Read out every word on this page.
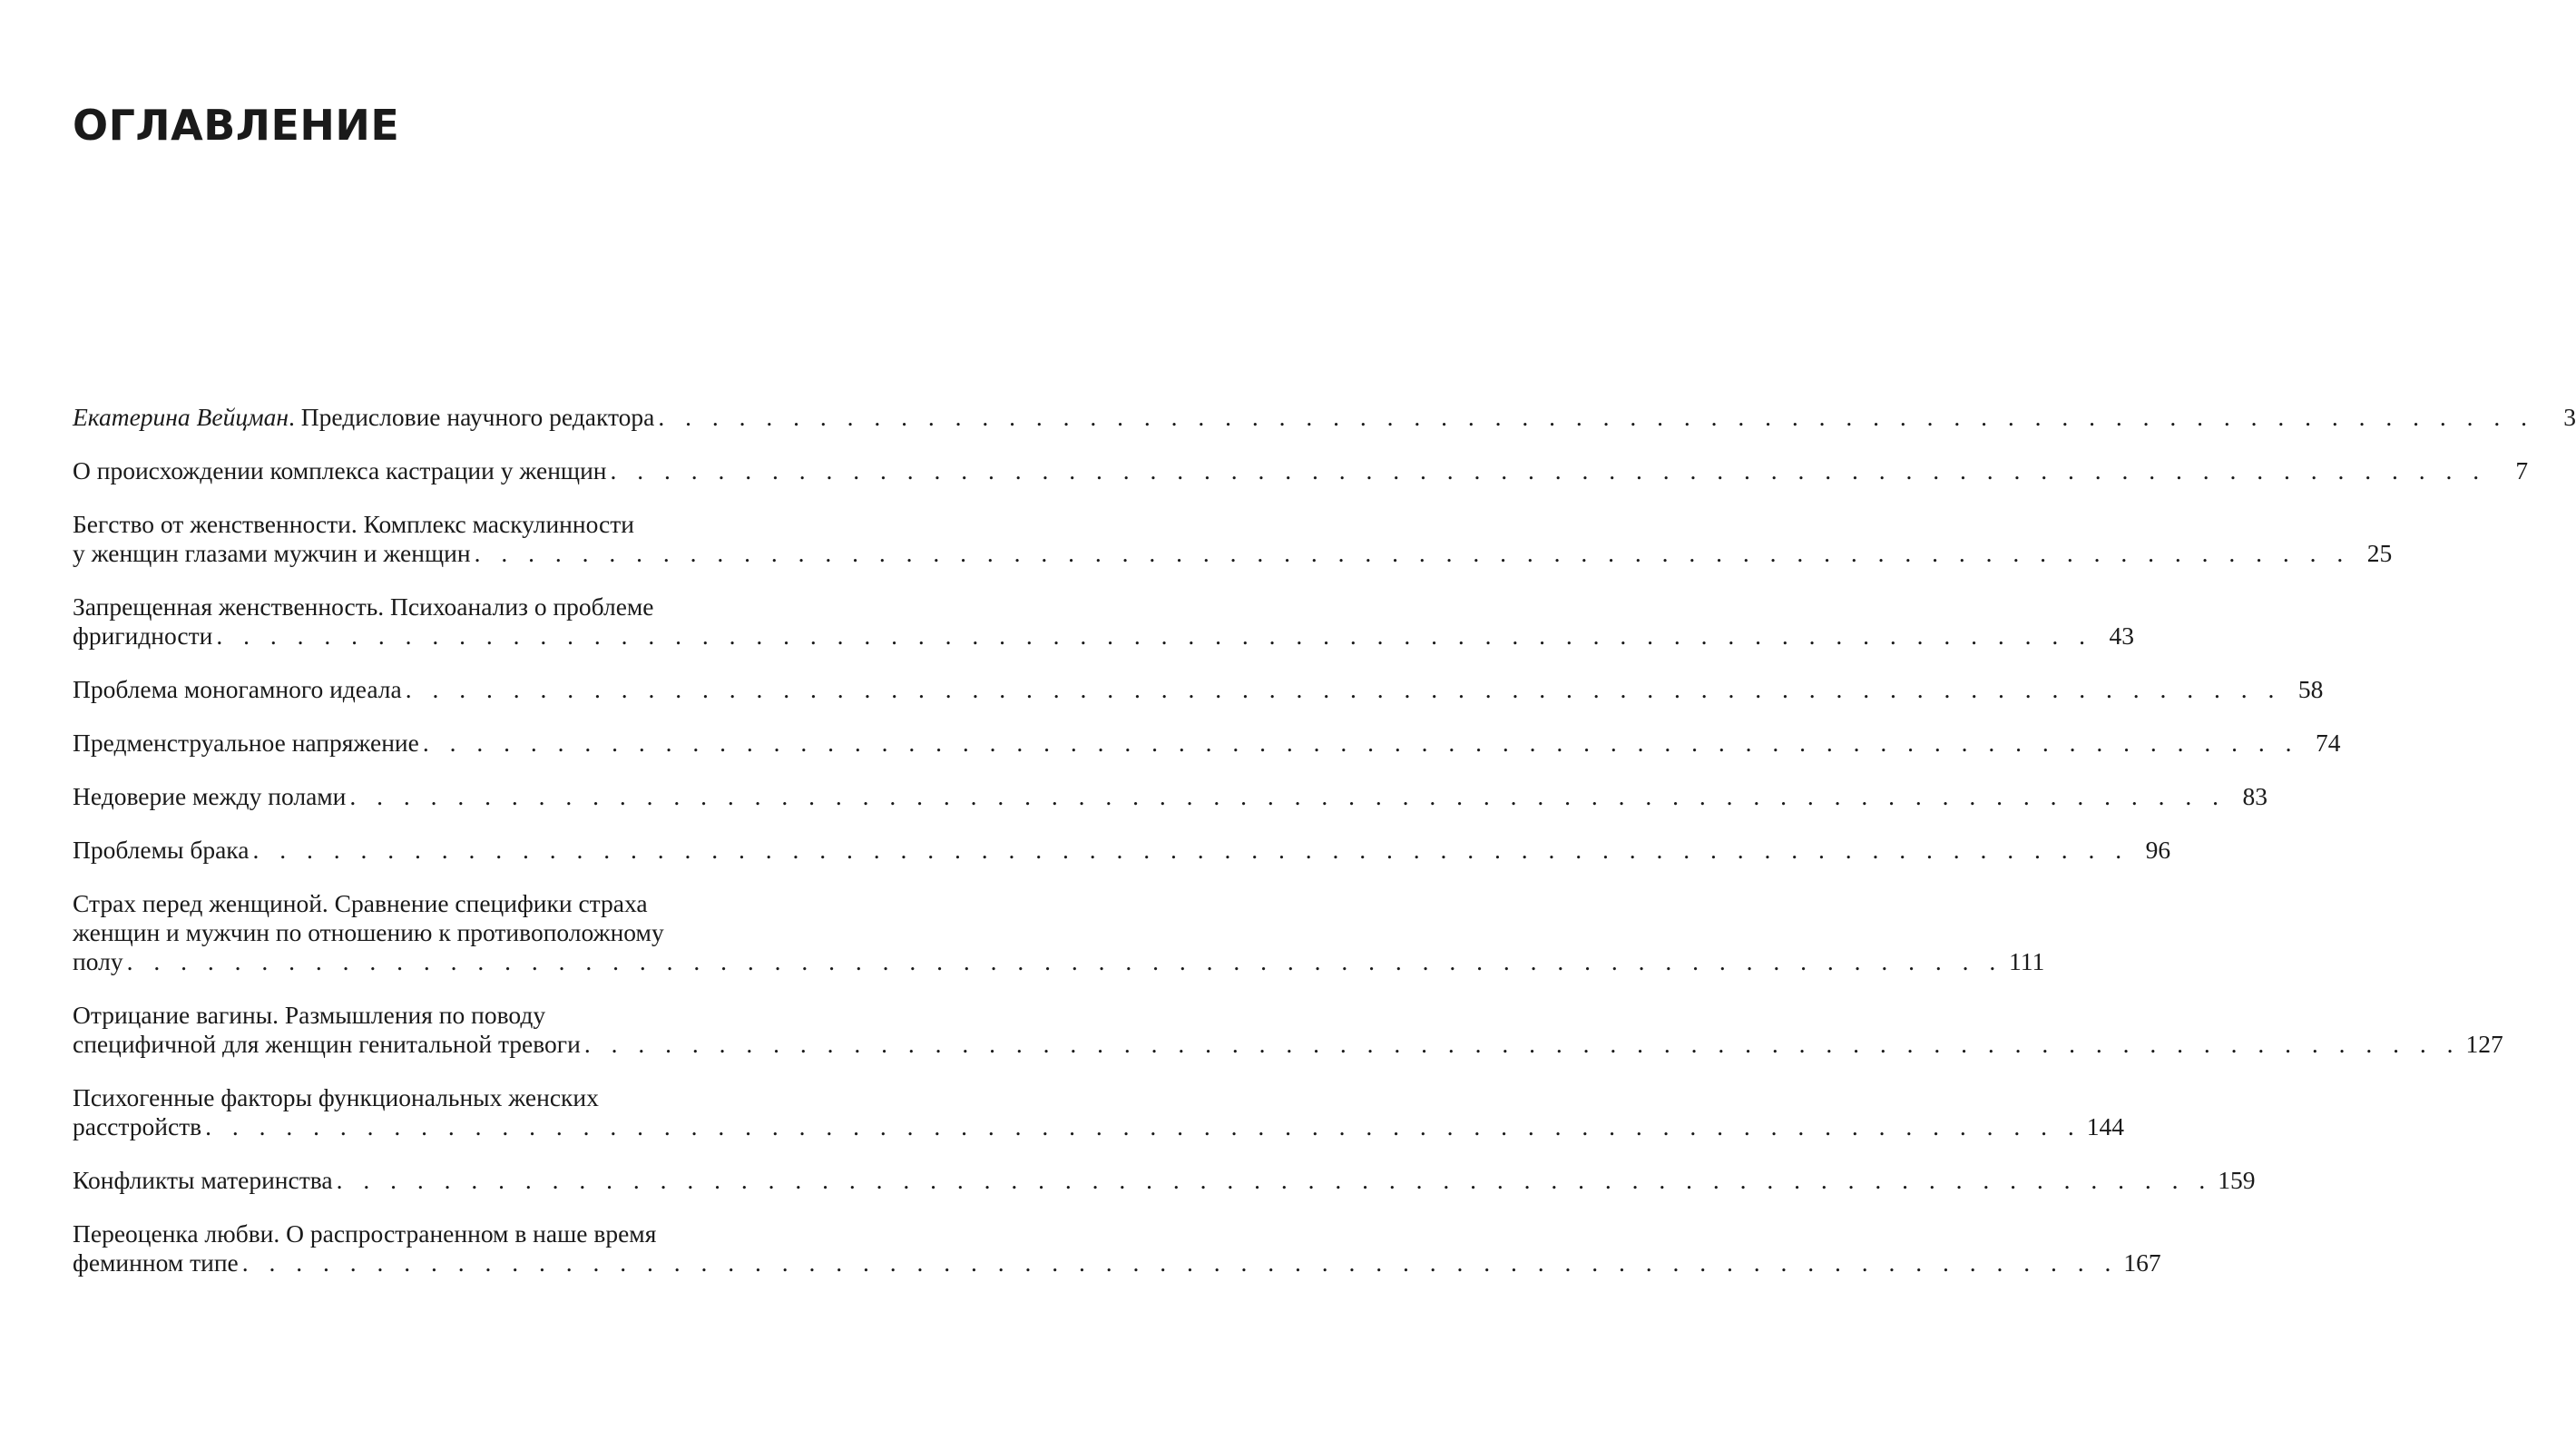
ОГЛАВЛЕНИЕ
Екатерина Вейцман. Предисловие научного редактора . . . . . . . . . . . . . . . . . . . . . . . . . . . . . . . . . . . . . . . . . . . . . . . . . . . . . . . . . . . . . . . . . . . . . .	3
О происхождении комплекса кастрации у женщин . . . . . . . . . . . . . . . . . . . . . . . . . . . . . . . . . . . . . . . . . . . . . . . . . . . . . . . . . . . . . . . . . . . . . .	7
Бегство от женственности. Комплекс маскулинности
у женщин глазами мужчин и женщин . . . . . . . . . . . . . . . . . . . . . . . . . . . . . . . . . . . . . . . . . . . . . . . . . . . . . . . . . . . . . . . . . . . . . . 25
Запрещенная женственность. Психоанализ о проблеме
фригидности . . . . . . . . . . . . . . . . . . . . . . . . . . . . . . . . . . . . . . . . . . . . . . . . . . . . . . . . . . . . . . . . . . . . . . 43
Проблема моногамного идеала . . . . . . . . . . . . . . . . . . . . . . . . . . . . . . . . . . . . . . . . . . . . . . . . . . . . . . . . . . . . . . . . . . . . . . 58
Предменструальное напряжение . . . . . . . . . . . . . . . . . . . . . . . . . . . . . . . . . . . . . . . . . . . . . . . . . . . . . . . . . . . . . . . . . . . . . . 74
Недоверие между полами . . . . . . . . . . . . . . . . . . . . . . . . . . . . . . . . . . . . . . . . . . . . . . . . . . . . . . . . . . . . . . . . . . . . . . 83
Проблемы брака . . . . . . . . . . . . . . . . . . . . . . . . . . . . . . . . . . . . . . . . . . . . . . . . . . . . . . . . . . . . . . . . . . . . . . 96
Страх перед женщиной. Сравнение специфики страха
женщин и мужчин по отношению к противоположному
полу . . . . . . . . . . . . . . . . . . . . . . . . . . . . . . . . . . . . . . . . . . . . . . . . . . . . . . . . . . . . . . . . . . . . . . 111
Отрицание вагины. Размышления по поводу
специфичной для женщин генитальной тревоги . . . . . . . . . . . . . . . . . . . . . . . . . . . . . . . . . . . . . . . . . . . . . . . . . . . . . . . . . . . . . . . . . . . . . . 127
Психогенные факторы функциональных женских
расстройств . . . . . . . . . . . . . . . . . . . . . . . . . . . . . . . . . . . . . . . . . . . . . . . . . . . . . . . . . . . . . . . . . . . . . . 144
Конфликты материнства . . . . . . . . . . . . . . . . . . . . . . . . . . . . . . . . . . . . . . . . . . . . . . . . . . . . . . . . . . . . . . . . . . . . . . 159
Переоценка любви. О распространенном в наше время
феминном типе . . . . . . . . . . . . . . . . . . . . . . . . . . . . . . . . . . . . . . . . . . . . . . . . . . . . . . . . . . . . . . . . . . . . . . 167
